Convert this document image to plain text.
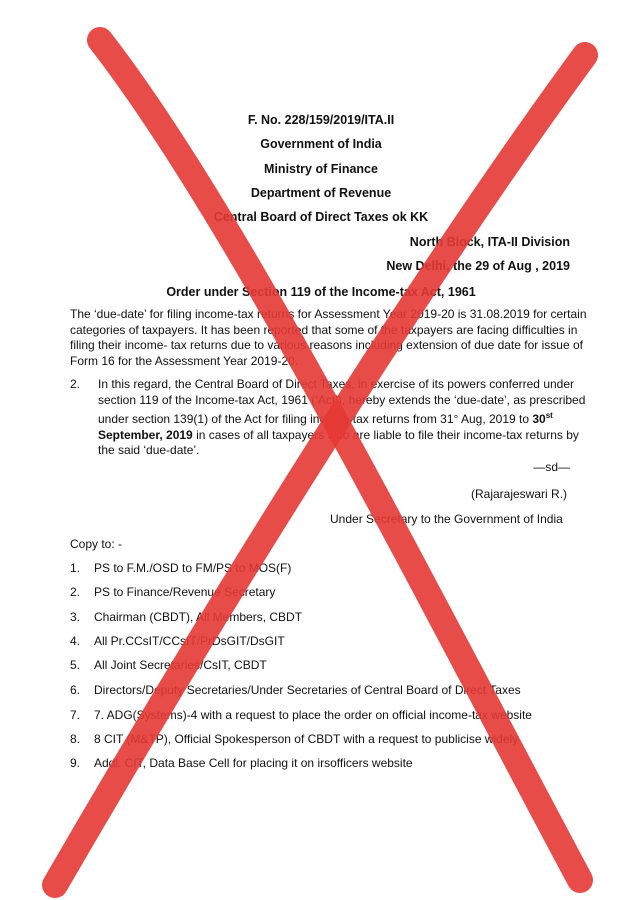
F. No. 228/159/2019/ITA.II
Government of India
Ministry of Finance
Department of Revenue
Central Board of Direct Taxes ok KK
North Block, ITA-II Division
New Delhi, the 29 of Aug , 2019
Order under Section 119 of the Income-tax Act, 1961
The ‘due-date’ for filing income-tax returns for Assessment Year 2019-20 is 31.08.2019 for certain categories of taxpayers. It has been reported that some of the taxpayers are facing difficulties in filing their income- tax returns due to various reasons including extension of due date for issue of Form 16 for the Assessment Year 2019-20.
2. In this regard, the Central Board of Direct Taxes, in exercise of its powers conferred under section 119 of the Income-tax Act, 1961 (‘Act’), hereby extends the ‘due-date’, as prescribed under section 139(1) of the Act for filing income-tax returns from 31° Aug, 2019 to 30st September, 2019 in cases of all taxpayers who are liable to file their income-tax returns by the said ‘due-date’.
—sd—
(Rajarajeswari R.)
Under Secretary to the Government of India
Copy to: -
1. PS to F.M./OSD to FM/PS to MOS(F)
2. PS to Finance/Revenue Secretary
3. Chairman (CBDT), All Members, CBDT
4. All Pr.CCsIT/CCsIT/PrDsGIT/DsGIT
5. All Joint Secretaries/CsIT, CBDT
6. Directors/Deputy Secretaries/Under Secretaries of Central Board of Direct Taxes
7. 7. ADG(Systems)-4 with a request to place the order on official income-tax website
8. 8 CIT (M&TP), Official Spokesperson of CBDT with a request to publicise widely
9. Addl. CIT, Data Base Cell for placing it on irsofficers website
